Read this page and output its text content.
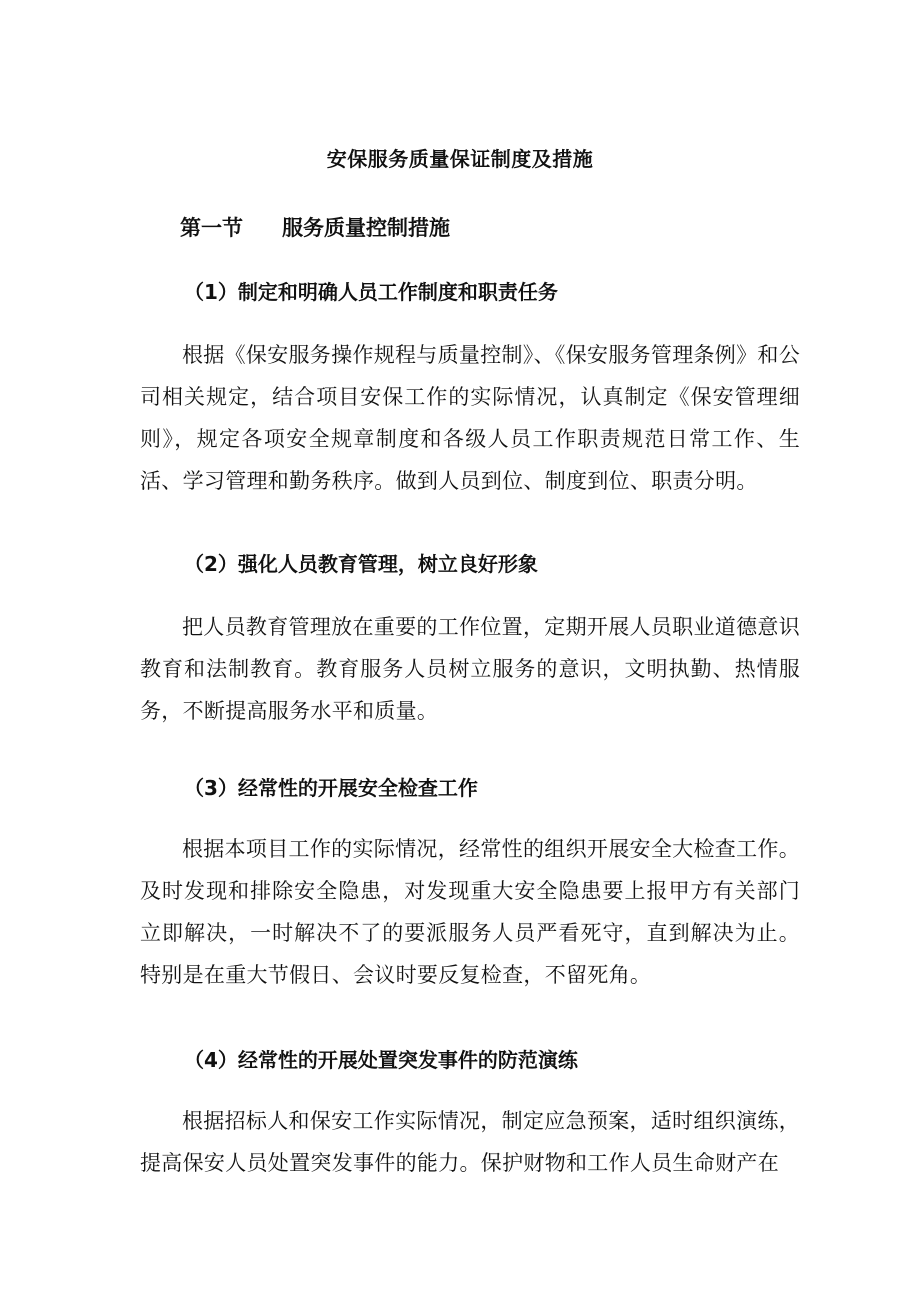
安保服务质量保证制度及措施
第一节 服务质量控制措施
（1）制定和明确人员工作制度和职责任务
根据《保安服务操作规程与质量控制》、《保安服务管理条例》和公司相关规定，结合项目安保工作的实际情况，认真制定《保安管理细则》，规定各项安全规章制度和各级人员工作职责规范日常工作、生活、学习管理和勤务秩序。做到人员到位、制度到位、职责分明。
（2）强化人员教育管理，树立良好形象
把人员教育管理放在重要的工作位置，定期开展人员职业道德意识教育和法制教育。教育服务人员树立服务的意识，文明执勤、热情服务，不断提高服务水平和质量。
（3）经常性的开展安全检查工作
根据本项目工作的实际情况，经常性的组织开展安全大检查工作。及时发现和排除安全隐患，对发现重大安全隐患要上报甲方有关部门立即解决，一时解决不了的要派服务人员严看死守，直到解决为止。特别是在重大节假日、会议时要反复检查，不留死角。
（4）经常性的开展处置突发事件的防范演练
根据招标人和保安工作实际情况，制定应急预案，适时组织演练，提高保安人员处置突发事件的能力。保护财物和工作人员生命财产在
